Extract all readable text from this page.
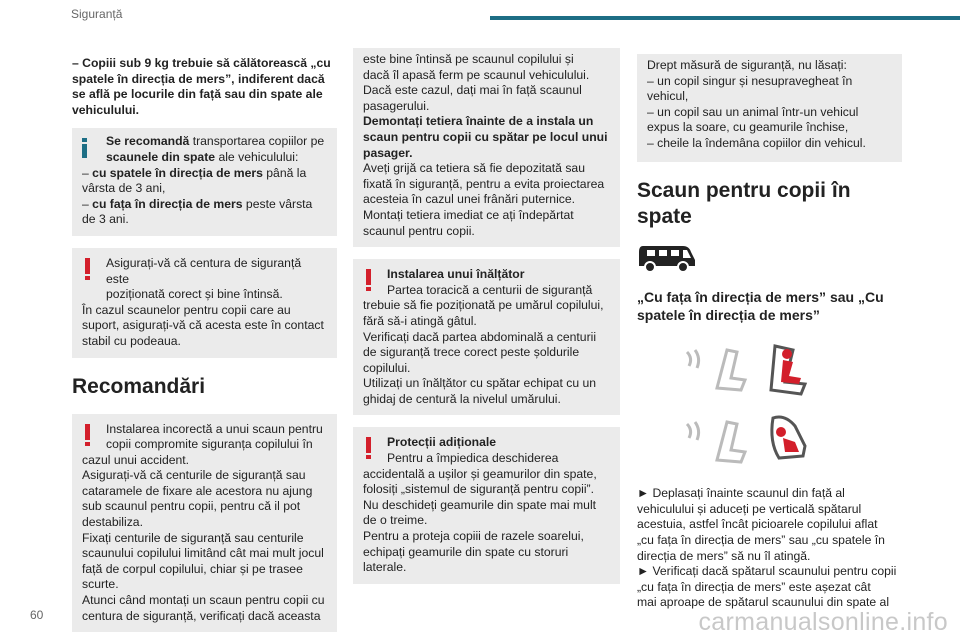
Siguranță
– Copiii sub 9 kg trebuie să călătorească „cu
spatele în direcția de mers”, indiferent dacă
se află pe locurile din față sau din spate ale
vehiculului.
Se recomandă transportarea copiilor pe
scaunele din spate ale vehiculului:
– cu spatele în direcția de mers până la
vârsta de 3 ani,
– cu fața în direcția de mers peste vârsta
de 3 ani.
Asigurați-vă că centura de siguranță este
poziționată corect și bine întinsă.
În cazul scaunelor pentru copii care au
suport, asigurați-vă că acesta este în contact
stabil cu podeaua.
Recomandări
Instalarea incorectă a unui scaun pentru
copii compromite siguranța copilului în
cazul unui accident.
Asigurați-vă că centurile de siguranță sau
cataramele de fixare ale acestora nu ajung
sub scaunul pentru copii, pentru că il pot
destabiliza.
Fixați centurile de siguranță sau centurile
scaunului copilului limitând cât mai mult jocul
față de corpul copilului, chiar și pe trasee
scurte.
Atunci când montați un scaun pentru copii cu
centura de siguranță, verificați dacă aceasta
este bine întinsă pe scaunul copilului și
dacă îl apasă ferm pe scaunul vehiculului.
Dacă este cazul, dați mai în față scaunul
pasagerului.
Demontați tetiera înainte de a instala un
scaun pentru copii cu spătar pe locul unui
pasager.
Aveți grijă ca tetiera să fie depozitată sau
fixată în siguranță, pentru a evita proiectarea
acesteia în cazul unei frânări puternice.
Montați tetiera imediat ce ați îndepărtat
scaunul pentru copii.
Instalarea unui înălțător
Partea toracică a centurii de siguranță
trebuie să fie poziționată pe umărul copilului,
fără să-i atingă gâtul.
Verificați dacă partea abdominală a centurii
de siguranță trece corect peste șoldurile
copilului.
Utilizați un înălțător cu spătar echipat cu un
ghidaj de centură la nivelul umărului.
Protecții adiționale
Pentru a împiedica deschiderea
accidentală a ușilor și geamurilor din spate,
folosiți „sistemul de siguranță pentru copii”.
Nu deschideți geamurile din spate mai mult
de o treime.
Pentru a proteja copiii de razele soarelui,
echipați geamurile din spate cu storuri
laterale.
Drept măsură de siguranță, nu lăsați:
– un copil singur și nesupravegheat în
vehicul,
– un copil sau un animal într-un vehicul
expus la soare, cu geamurile închise,
– cheile la îndemâna copiilor din vehicul.
Scaun pentru copii în spate
„Cu fața în direcția de mers” sau „Cu
spatele în direcția de mers”
► Deplasați înainte scaunul din față al
vehiculului și aduceți pe verticală spătarul
acestuia, astfel încât picioarele copilului aflat
„cu fața în direcția de mers” sau „cu spatele în
direcția de mers” să nu îl atingă.
► Verificați dacă spătarul scaunului pentru copii
„cu fața în direcția de mers” este așezat cât
mai aproape de spătarul scaunului din spate al
60	carmanualsonline.info
